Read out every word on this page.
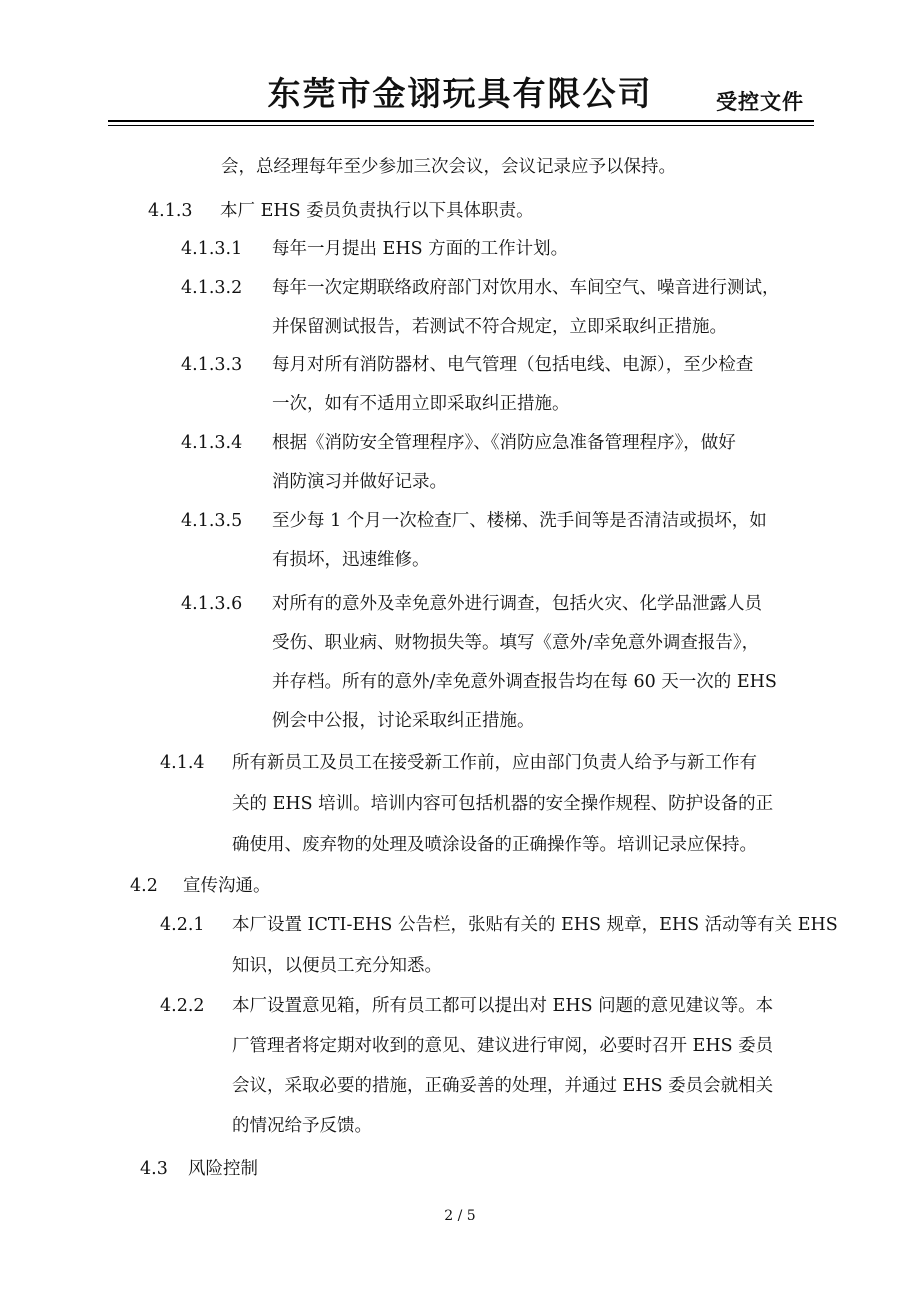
东莞市金诩玩具有限公司	受控文件
会，总经理每年至少参加三次会议，会议记录应予以保持。
4.1.3 本厂 EHS 委员负责执行以下具体职责。
4.1.3.1 每年一月提出 EHS 方面的工作计划。
4.1.3.2 每年一次定期联络政府部门对饮用水、车间空气、噪音进行测试，
并保留测试报告，若测试不符合规定，立即采取纠正措施。
4.1.3.3 每月对所有消防器材、电气管理（包括电线、电源），至少检查
一次，如有不适用立即采取纠正措施。
4.1.3.4 根据《消防安全管理程序》、《消防应急准备管理程序》，做好
消防演习并做好记录。
4.1.3.5 至少每 1 个月一次检查厂、楼梯、洗手间等是否清洁或损坏，如
有损坏，迅速维修。
4.1.3.6 对所有的意外及幸免意外进行调查，包括火灾、化学品泄露人员
受伤、职业病、财物损失等。填写《意外/幸免意外调查报告》，
并存档。所有的意外/幸免意外调查报告均在每 60 天一次的 EHS
例会中公报，讨论采取纠正措施。
4.1.4 所有新员工及员工在接受新工作前，应由部门负责人给予与新工作有
关的 EHS 培训。培训内容可包括机器的安全操作规程、防护设备的正
确使用、废弃物的处理及喷涂设备的正确操作等。培训记录应保持。
4.2 宣传沟通。
4.2.1 本厂设置 ICTI-EHS 公告栏，张贴有关的 EHS 规章，EHS 活动等有关 EHS
知识，以便员工充分知悉。
4.2.2 本厂设置意见箱，所有员工都可以提出对 EHS 问题的意见建议等。本
厂管理者将定期对收到的意见、建议进行审阅，必要时召开 EHS 委员
会议，采取必要的措施，正确妥善的处理，并通过 EHS 委员会就相关
的情况给予反馈。
4.3 风险控制
2 / 5
